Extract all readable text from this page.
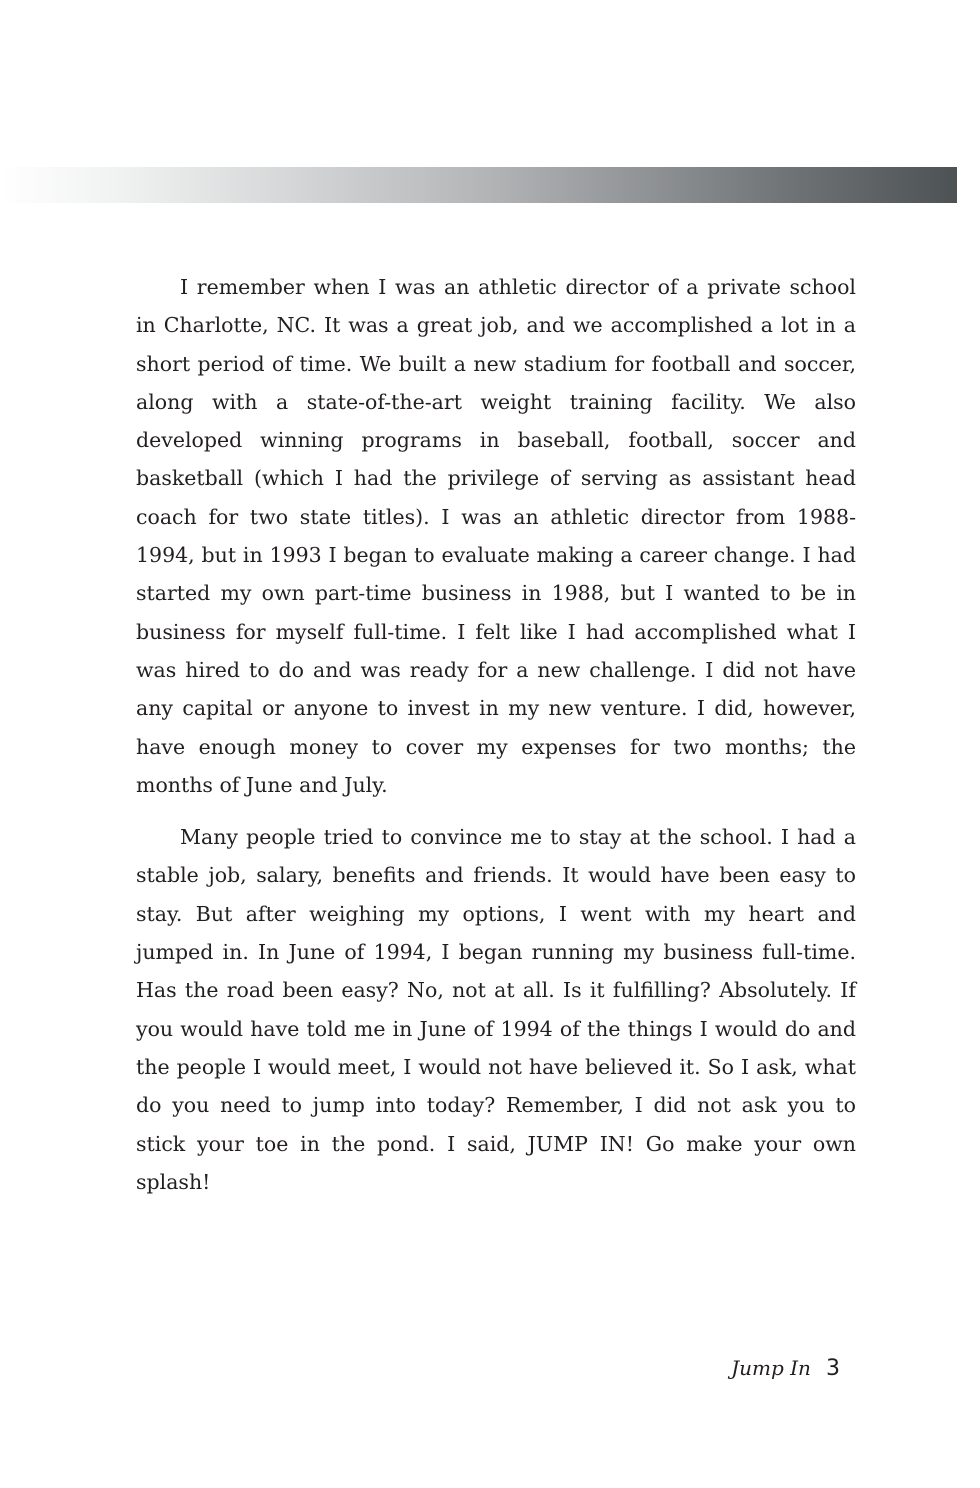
I remember when I was an athletic director of a private school in Charlotte, NC. It was a great job, and we accomplished a lot in a short period of time. We built a new stadium for football and soccer, along with a state-of-the-art weight training facility. We also developed winning programs in baseball, football, soccer and basketball (which I had the privilege of serving as assistant head coach for two state titles). I was an athletic director from 1988-1994, but in 1993 I began to evaluate making a career change. I had started my own part-time business in 1988, but I wanted to be in business for myself full-time. I felt like I had accomplished what I was hired to do and was ready for a new challenge. I did not have any capital or anyone to invest in my new venture. I did, however, have enough money to cover my expenses for two months; the months of June and July.

Many people tried to convince me to stay at the school. I had a stable job, salary, benefits and friends. It would have been easy to stay. But after weighing my options, I went with my heart and jumped in. In June of 1994, I began running my business full-time. Has the road been easy? No, not at all. Is it fulfilling? Absolutely. If you would have told me in June of 1994 of the things I would do and the people I would meet, I would not have believed it. So I ask, what do you need to jump into today? Remember, I did not ask you to stick your toe in the pond. I said, JUMP IN! Go make your own splash!

Jump In 3
